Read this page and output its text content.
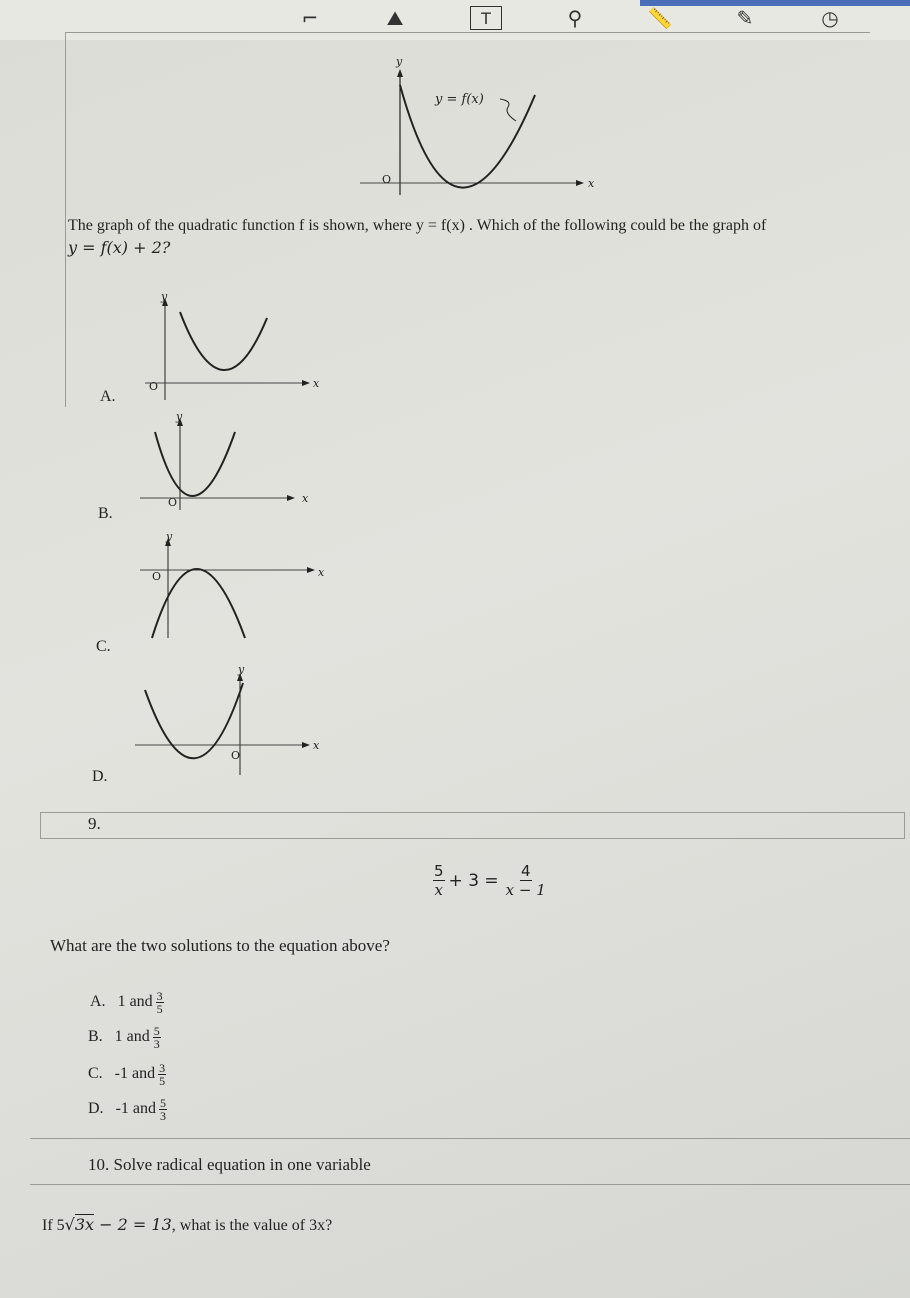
⌐	⛰	T	⚲	📏	✎	◷
y
x
O
y = f(x)
The graph of the quadratic function f is shown, where y = f(x) . Which of the following could be the graph of
y = f(x) + 2?
A.
y
x
O
B.
y
x
O
C.
y
x
O
D.
y
x
O
9.
$\frac{5}{x} + 3 = \frac{4}{x - 1}$
What are the two solutions to the equation above?
A. 1 and $\frac{3}{5}$
B. 1 and $\frac{5}{3}$
C. -1 and $\frac{3}{5}$
D. -1 and $\frac{5}{3}$
10. Solve radical equation in one variable
If 5√3x − 2 = 13, what is the value of 3x?
